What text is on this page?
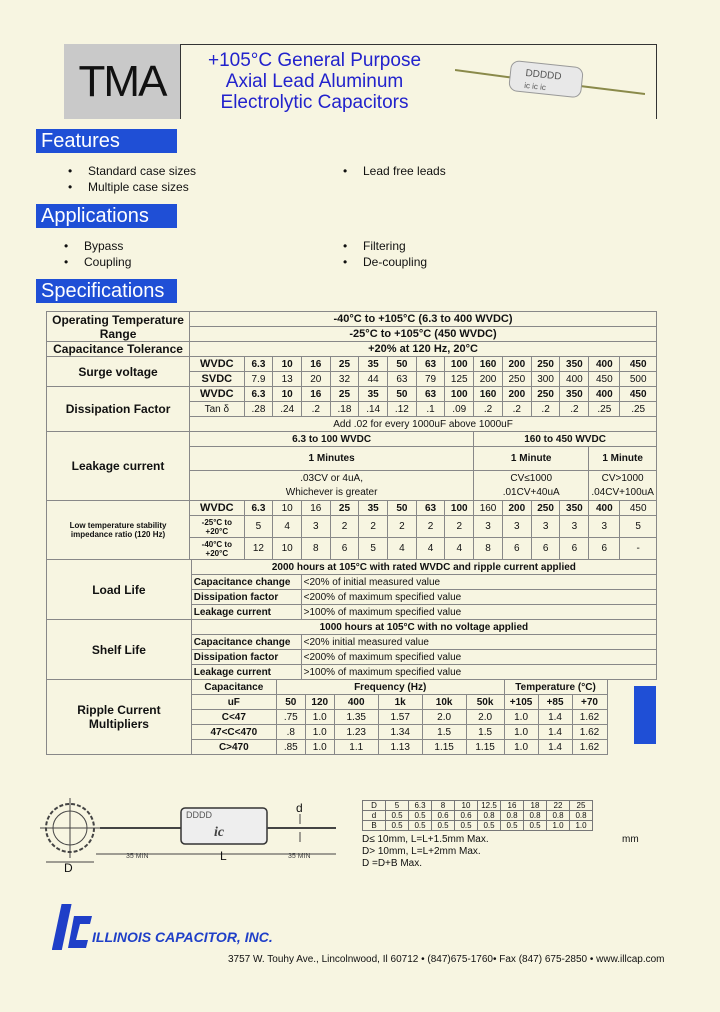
TMA	+105°C General Purpose
Axial Lead Aluminum
Electrolytic Capacitors
DDDDD
ic ic ic
Features
• Standard case sizes
• Multiple case sizes
• Lead free leads
Applications
• Bypass
• Coupling
• Filtering
• De-coupling
Specifications
Operating Temperature Range	-40°C to +105°C (6.3 to 400 WVDC)														
	-25°C to +105°C (450 WVDC)														
Capacitance Tolerance	+20% at 120 Hz, 20°C														
Surge voltage	WVDC	6.3	10	16	25	35	50	63	100	160	200	250	350	400	450
	SVDC	7.9	13	20	32	44	63	79	125	200	250	300	400	450	500
Dissipation Factor	WVDC	6.3	10	16	25	35	50	63	100	160	200	250	350	400	450
	Tan δ	.28	.24	.2	.18	.14	.12	.1	.09	.2	.2	.2	.2	.25	.25
	Add .02 for every 1000uF above 1000uF														
Leakage current	6.3 to 100 WVDC									160 to 450 WVDC					
	1 Minutes									1 Minute				1 Minute	
	.03CV or 4uA,									CV≤1000				CV>1000	
	Whichever is greater									.01CV+40uA				.04CV+100uA	
Low temperature stability impedance ratio (120 Hz)	WVDC	6.3	10	16	25	35	50	63	100	160	200	250	350	400	450
	-25°C to +20°C	5	4	3	2	2	2	2	2	3	3	3	3	3	5
	-40°C to +20°C	12	10	8	6	5	4	4	4	8	6	6	6	6	-
Load Life	2000 hours at 105°C with rated WVDC and ripple current applied	
	Capacitance change	<20% of initial measured value
	Dissipation factor	<200% of maximum specified value
	Leakage current	>100% of maximum specified value
Shelf Life	1000 hours at 105°C with no voltage applied	
	Capacitance change	<20% initial measured value
	Dissipation factor	<200% of maximum specified value
	Leakage current	>100% of maximum specified value
Ripple Current Multipliers	Capacitance	Frequency (Hz)						Temperature (°C)			
	uF	50	120	400	1k	10k	50k	+105	+85	+70	
	C<47	.75	1.0	1.35	1.57	2.0	2.0	1.0	1.4	1.62	
	47<C<470	.8	1.0	1.23	1.34	1.5	1.5	1.0	1.4	1.62	
	C>470	.85	1.0	1.1	1.13	1.15	1.15	1.0	1.4	1.62	
DDDD
ic
d
35 MIN	L	35 MIN
D
D	5	6.3	8	10	12.5	16	18	22	25
d	0.5	0.5	0.6	0.6	0.8	0.8	0.8	0.8	0.8
B	0.5	0.5	0.5	0.5	0.5	0.5	0.5	1.0	1.0
D≤ 10mm, L=L+1.5mm Max.
D> 10mm, L=L+2mm Max.
D =D+B Max.
mm
ILLINOIS CAPACITOR, INC.
3757 W. Touhy Ave., Lincolnwood, Il 60712 • (847)675-1760• Fax (847) 675-2850 • www.illcap.com
